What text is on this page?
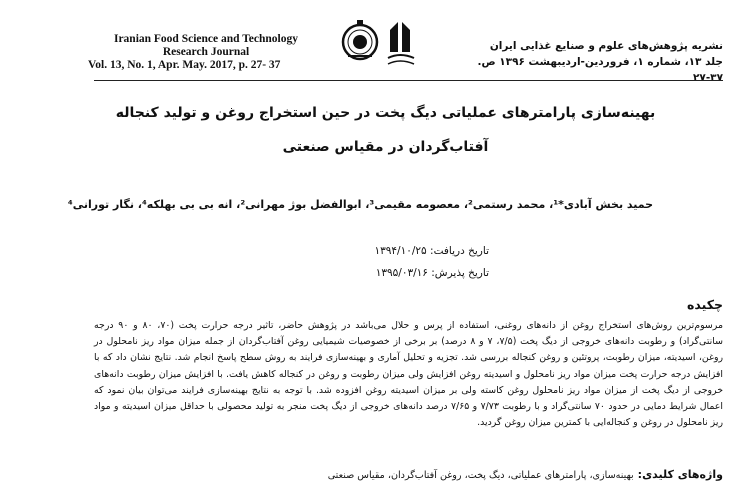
Iranian Food Science and Technology
Research Journal
Vol. 13, No. 1, Apr. May. 2017, p. 27- 37
نشریه پژوهش‌های علوم و صنایع غذایی ایران
جلد ۱۳، شماره ۱، فروردین-اردیبهشت ۱۳۹۶ ص. ۳۷-۲۷
بهینه‌سازی پارامترهای عملیاتی دیگ پخت در حین استخراج روغن و تولید کنجاله آفتاب‌گردان در مقیاس صنعتی
حمید بخش آبادی*¹، محمد رستمی²، معصومه مقیمی³، ابوالفضل بوژ مهرانی²، انه بی بی بهلکه⁴، نگار تورانی⁴
تاریخ دریافت: ۱۳۹۴/۱۰/۲۵
تاریخ پذیرش: ۱۳۹۵/۰۳/۱۶
چکیده
مرسوم‌ترین روش‌های استخراج روغن از دانه‌های روغنی، استفاده از پرس و حلال می‌باشد در پژوهش حاضر، تاثیر درجه حرارت پخت (۷۰، ۸۰ و ۹۰ درجه سانتی‌گراد) و رطوبت دانه‌های خروجی از دیگ پخت (۷/۵، ۷ و ۸ درصد) بر برخی از خصوصیات شیمیایی روغن آفتاب‌گردان از جمله میزان مواد ریز نامحلول در روغن، اسیدیته، میزان رطوبت، پروتئین و روغن کنجاله بررسی شد. تجزیه و تحلیل آماری و بهینه‌سازی فرایند به روش سطح پاسخ انجام شد. نتایج نشان داد که با افزایش درجه حرارت پخت میزان مواد ریز نامحلول و اسیدیته روغن افزایش ولی میزان رطوبت و روغن در کنجاله کاهش یافت. با افزایش میزان رطوبت دانه‌های خروجی از دیگ پخت از میزان مواد ریز نامحلول روغن کاسته ولی بر میزان اسیدیته روغن افزوده شد. با توجه به نتایج بهینه‌سازی فرایند می‌توان بیان نمود که اعمال شرایط دمایی در حدود ۷۰ سانتی‌گراد و با رطوبت ۷/۷۳ و ۷/۶۵ درصد دانه‌های خروجی از دیگ پخت منجر به تولید محصولی با حداقل میزان اسیدیته و مواد ریز نامحلول در روغن و کنجاله‌ایی با کمترین میزان روغن گردید.
واژه‌های کلیدی:بهینه‌سازی، پارامترهای عملیاتی، دیگ پخت، روغن آفتاب‌گردان، مقیاس صنعتی
